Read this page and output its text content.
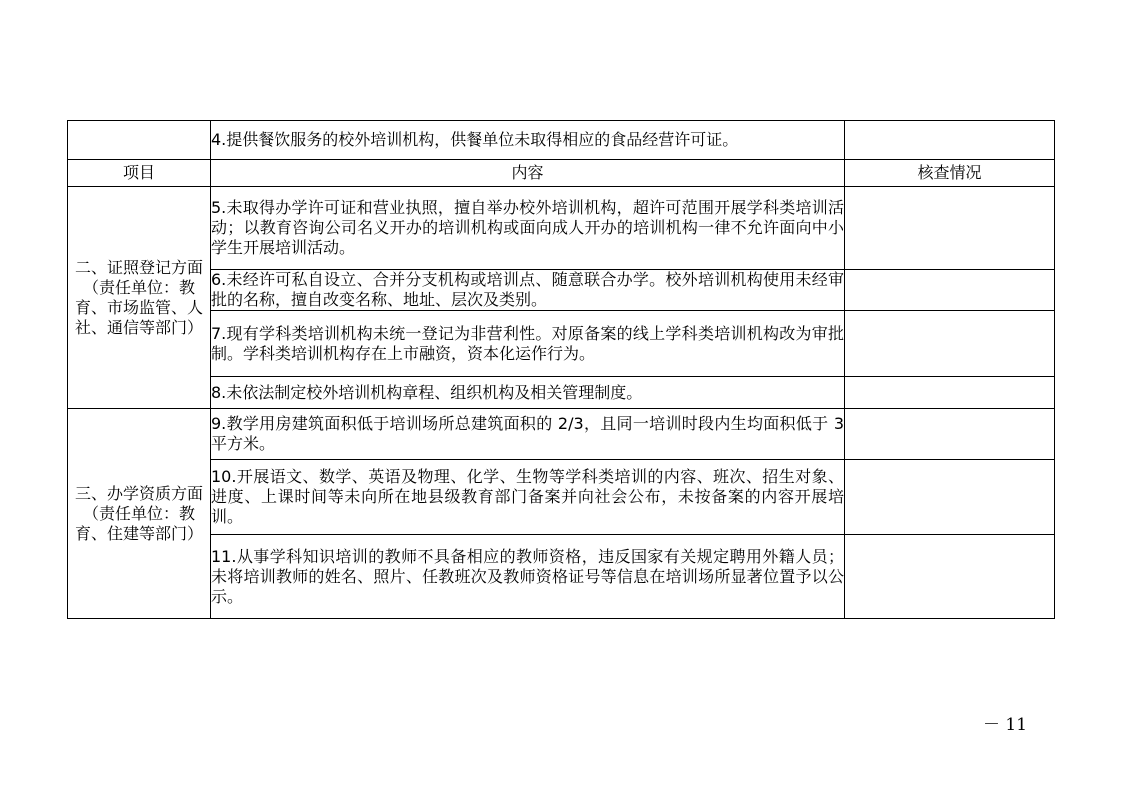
	4.提供餐饮服务的校外培训机构，供餐单位未取得相应的食品经营许可证。	
项目	内容	核查情况
二、证照登记方面（责任单位：教育、市场监管、人社、通信等部门）	5.未取得办学许可证和营业执照，擅自举办校外培训机构，超许可范围开展学科类培训活动；以教育咨询公司名义开办的培训机构或面向成人开办的培训机构一律不允许面向中小学生开展培训活动。	
	6.未经许可私自设立、合并分支机构或培训点、随意联合办学。校外培训机构使用未经审批的名称，擅自改变名称、地址、层次及类别。	
	7.现有学科类培训机构未统一登记为非营利性。对原备案的线上学科类培训机构改为审批制。学科类培训机构存在上市融资，资本化运作行为。	
	8.未依法制定校外培训机构章程、组织机构及相关管理制度。	
三、办学资质方面（责任单位：教育、住建等部门）	9.教学用房建筑面积低于培训场所总建筑面积的 2/3，且同一培训时段内生均面积低于 3 平方米。	
	10.开展语文、数学、英语及物理、化学、生物等学科类培训的内容、班次、招生对象、进度、上课时间等未向所在地县级教育部门备案并向社会公布，未按备案的内容开展培训。	
	11.从事学科知识培训的教师不具备相应的教师资格，违反国家有关规定聘用外籍人员；未将培训教师的姓名、照片、任教班次及教师资格证号等信息在培训场所显著位置予以公示。	
－ 11
